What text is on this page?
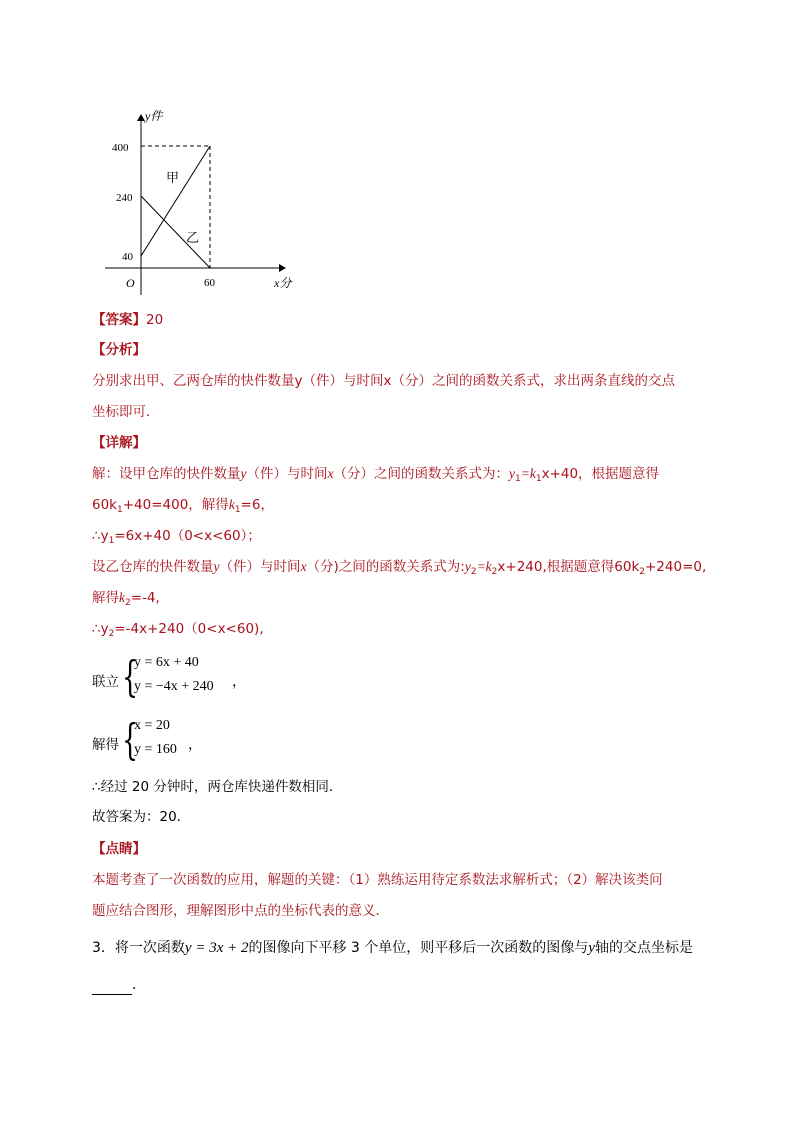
y件
x分
O
400
240
40
60
甲
乙
【答案】20
【分析】
分别求出甲、乙两仓库的快件数量y（件）与时间x（分）之间的函数关系式，求出两条直线的交点
坐标即可．
【详解】
解：设甲仓库的快件数量y（件）与时间x（分）之间的函数关系式为：$y_1=k_1x+40$，根据题意得
$60k_1+40=400$，解得$k_1=6$，
$\therefore y_1=6x+40(0<x<60)$；
设乙仓库的快件数量y（件）与时间x（分)之间的函数关系式为$:y_2=k_2x+240$,根据题意得$60k_2+240=0$,
解得$k_2=-4$,
$\therefore y_2=-4x+240(0<x<60)$,
联立 {
y = 6x + 40
y = −4x + 240 ，
解得 {
x = 20
y = 160 ，
∴经过 20 分钟时，两仓库快递件数相同．
故答案为：20．
【点睛】
本题考查了一次函数的应用，解题的关键：（1）熟练运用待定系数法求解析式；（2）解决该类问
题应结合图形，理解图形中点的坐标代表的意义．
3．将一次函数y = 3x + 2的图像向下平移 3 个单位，则平移后一次函数的图像与y轴的交点坐标是
．
